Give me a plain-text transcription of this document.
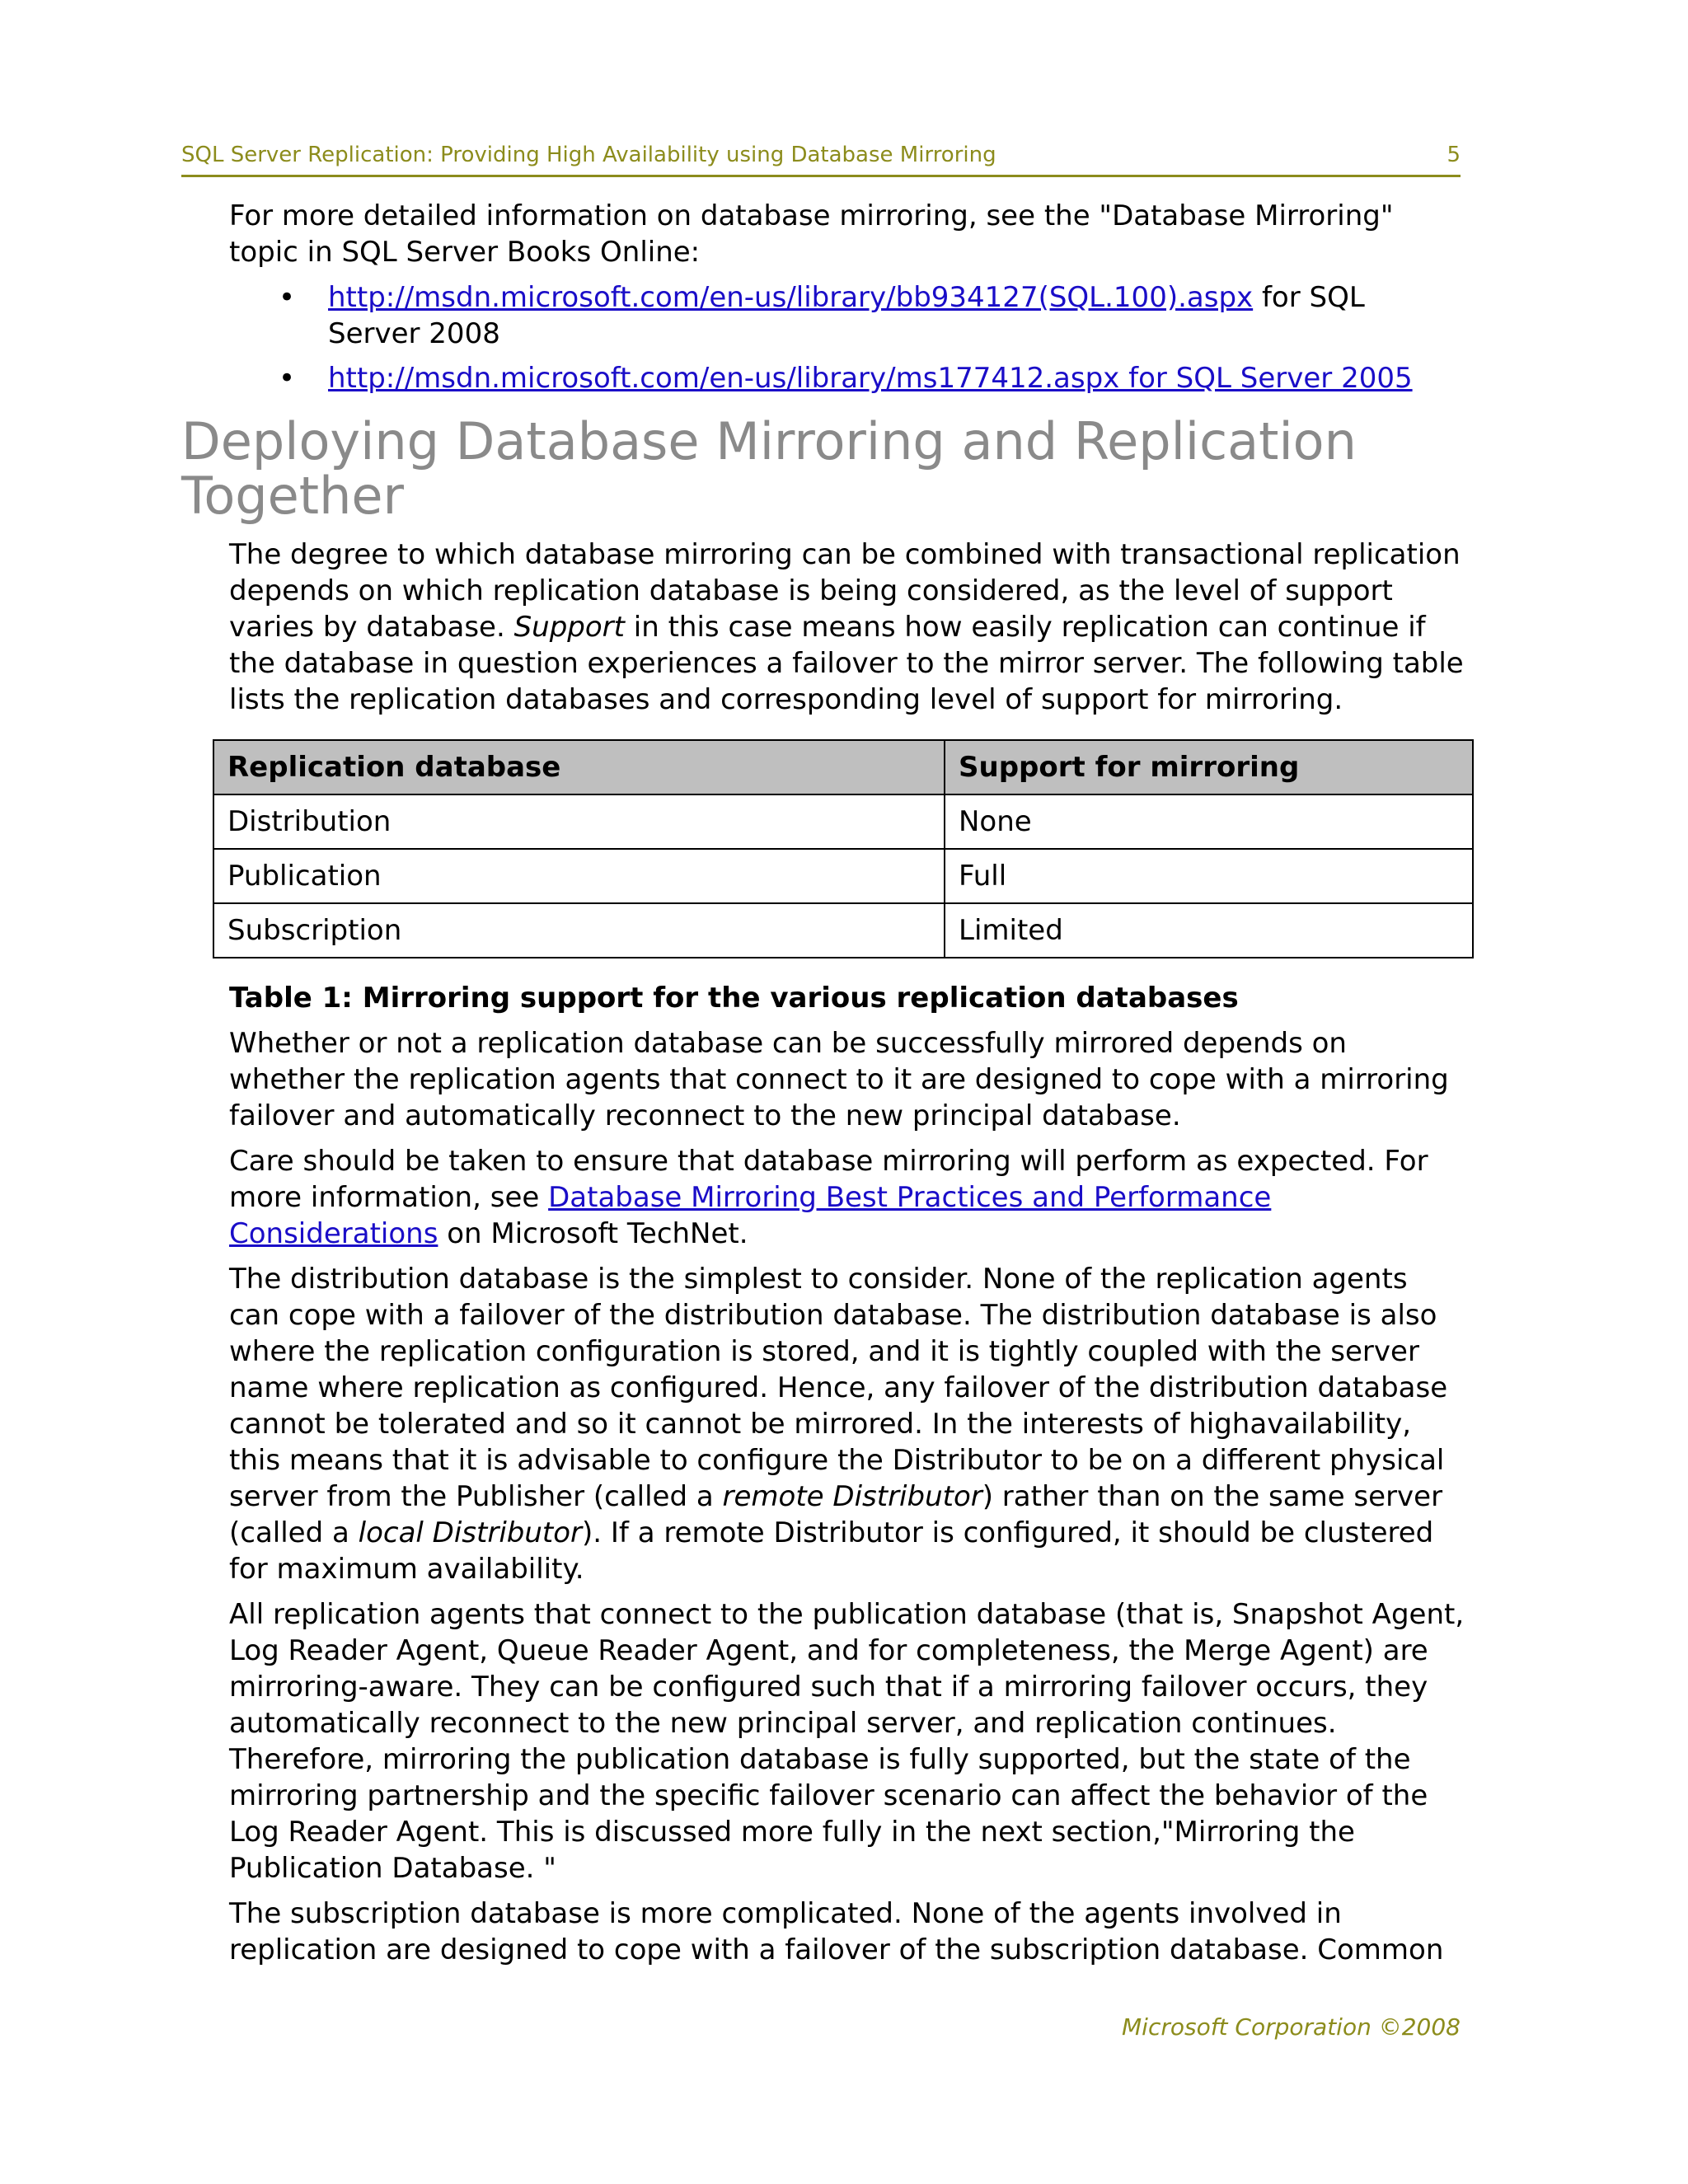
SQL Server Replication: Providing High Availability using Database Mirroring	5

For more detailed information on database mirroring, see the "Database Mirroring" topic in SQL Server Books Online:

• http://msdn.microsoft.com/en-us/library/bb934127(SQL.100).aspx for SQL Server 2008
• http://msdn.microsoft.com/en-us/library/ms177412.aspx for SQL Server 2005
Deploying Database Mirroring and Replication Together

The degree to which database mirroring can be combined with transactional replication depends on which replication database is being considered, as the level of support varies by database. Support in this case means how easily replication can continue if the database in question experiences a failover to the mirror server. The following table lists the replication databases and corresponding level of support for mirroring.

Replication database	Support for mirroring
Distribution	None
Publication	Full
Subscription	Limited

Table 1: Mirroring support for the various replication databases

Whether or not a replication database can be successfully mirrored depends on whether the replication agents that connect to it are designed to cope with a mirroring failover and automatically reconnect to the new principal database.

Care should be taken to ensure that database mirroring will perform as expected. For more information, see Database Mirroring Best Practices and Performance Considerations on Microsoft TechNet.

The distribution database is the simplest to consider. None of the replication agents can cope with a failover of the distribution database. The distribution database is also where the replication configuration is stored, and it is tightly coupled with the server name where replication as configured. Hence, any failover of the distribution database cannot be tolerated and so it cannot be mirrored. In the interests of highavailability, this means that it is advisable to configure the Distributor to be on a different physical server from the Publisher (called a remote Distributor) rather than on the same server (called a local Distributor). If a remote Distributor is configured, it should be clustered for maximum availability.

All replication agents that connect to the publication database (that is, Snapshot Agent, Log Reader Agent, Queue Reader Agent, and for completeness, the Merge Agent) are mirroring-aware. They can be configured such that if a mirroring failover occurs, they automatically reconnect to the new principal server, and replication continues. Therefore, mirroring the publication database is fully supported, but the state of the mirroring partnership and the specific failover scenario can affect the behavior of the Log Reader Agent. This is discussed more fully in the next section,"Mirroring the Publication Database. "

The subscription database is more complicated. None of the agents involved in replication are designed to cope with a failover of the subscription database. Common

Microsoft Corporation ©2008
